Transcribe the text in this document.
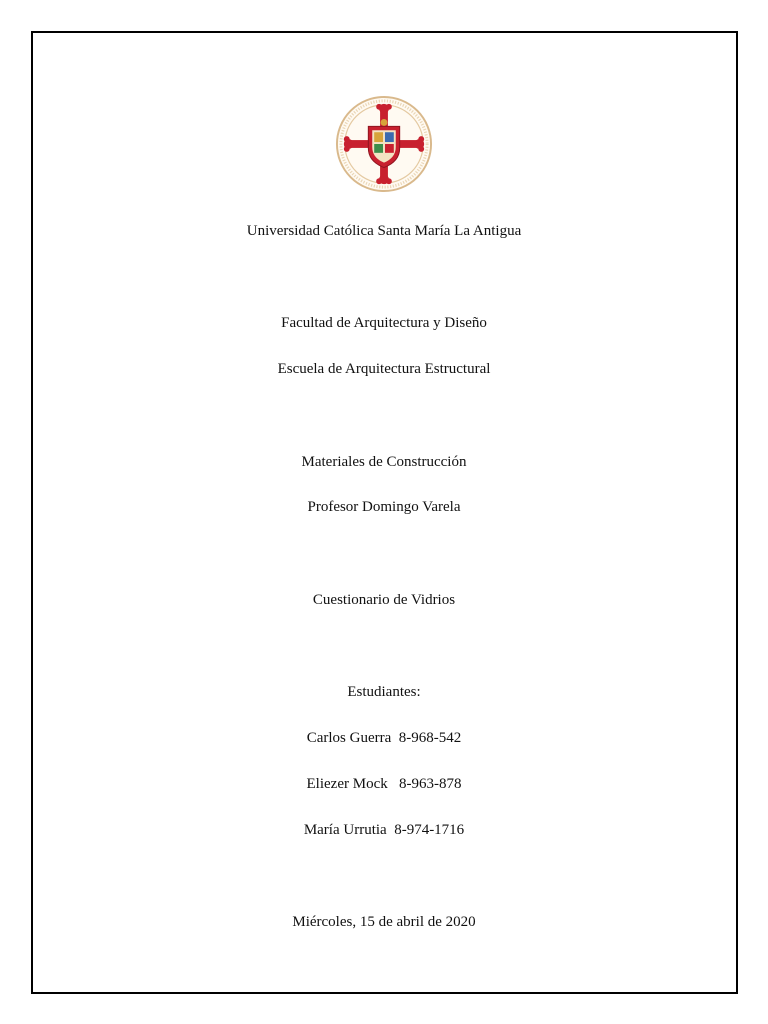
Universidad Católica Santa María La Antigua
Facultad de Arquitectura y Diseño
Escuela de Arquitectura Estructural
Materiales de Construcción
Profesor Domingo Varela
Cuestionario de Vidrios
Estudiantes:
Carlos Guerra  8-968-542
Eliezer Mock   8-963-878
María Urrutia  8-974-1716
Miércoles, 15 de abril de 2020
